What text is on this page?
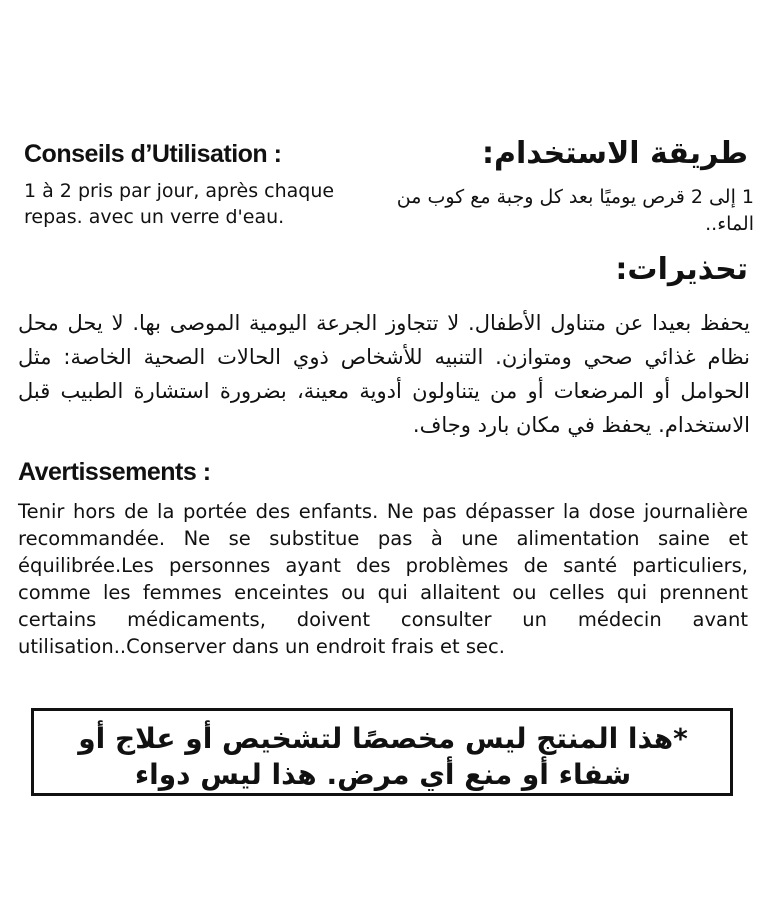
Conseils d’Utilisation :
1 à 2 pris par jour, après chaque repas. avec un verre d'eau.
طريقة الاستخدام:
1 إلى 2 قرص يوميًا بعد كل وجبة مع كوب من الماء..
تحذيرات:
يحفظ بعيدا عن متناول الأطفال. لا تتجاوز الجرعة اليومية الموصى بها. لا يحل محل نظام غذائي صحي ومتوازن. التنبيه للأشخاص ذوي الحالات الصحية الخاصة: مثل الحوامل أو المرضعات أو من يتناولون أدوية معينة، بضرورة استشارة الطبيب قبل الاستخدام. يحفظ في مكان بارد وجاف.
Avertissements :
Tenir hors de la portée des enfants. Ne pas dépasser la dose journalière recommandée. Ne se substitue pas à une alimentation saine et équilibrée.Les personnes ayant des problèmes de santé particuliers, comme les femmes enceintes ou qui allaitent ou celles qui prennent certains médicaments, doivent consulter un médecin avant utilisation..Conserver dans un endroit frais et sec.
*هذا المنتج ليس مخصصًا لتشخيص أو علاج أو شفاء أو منع أي مرض. هذا ليس دواء
